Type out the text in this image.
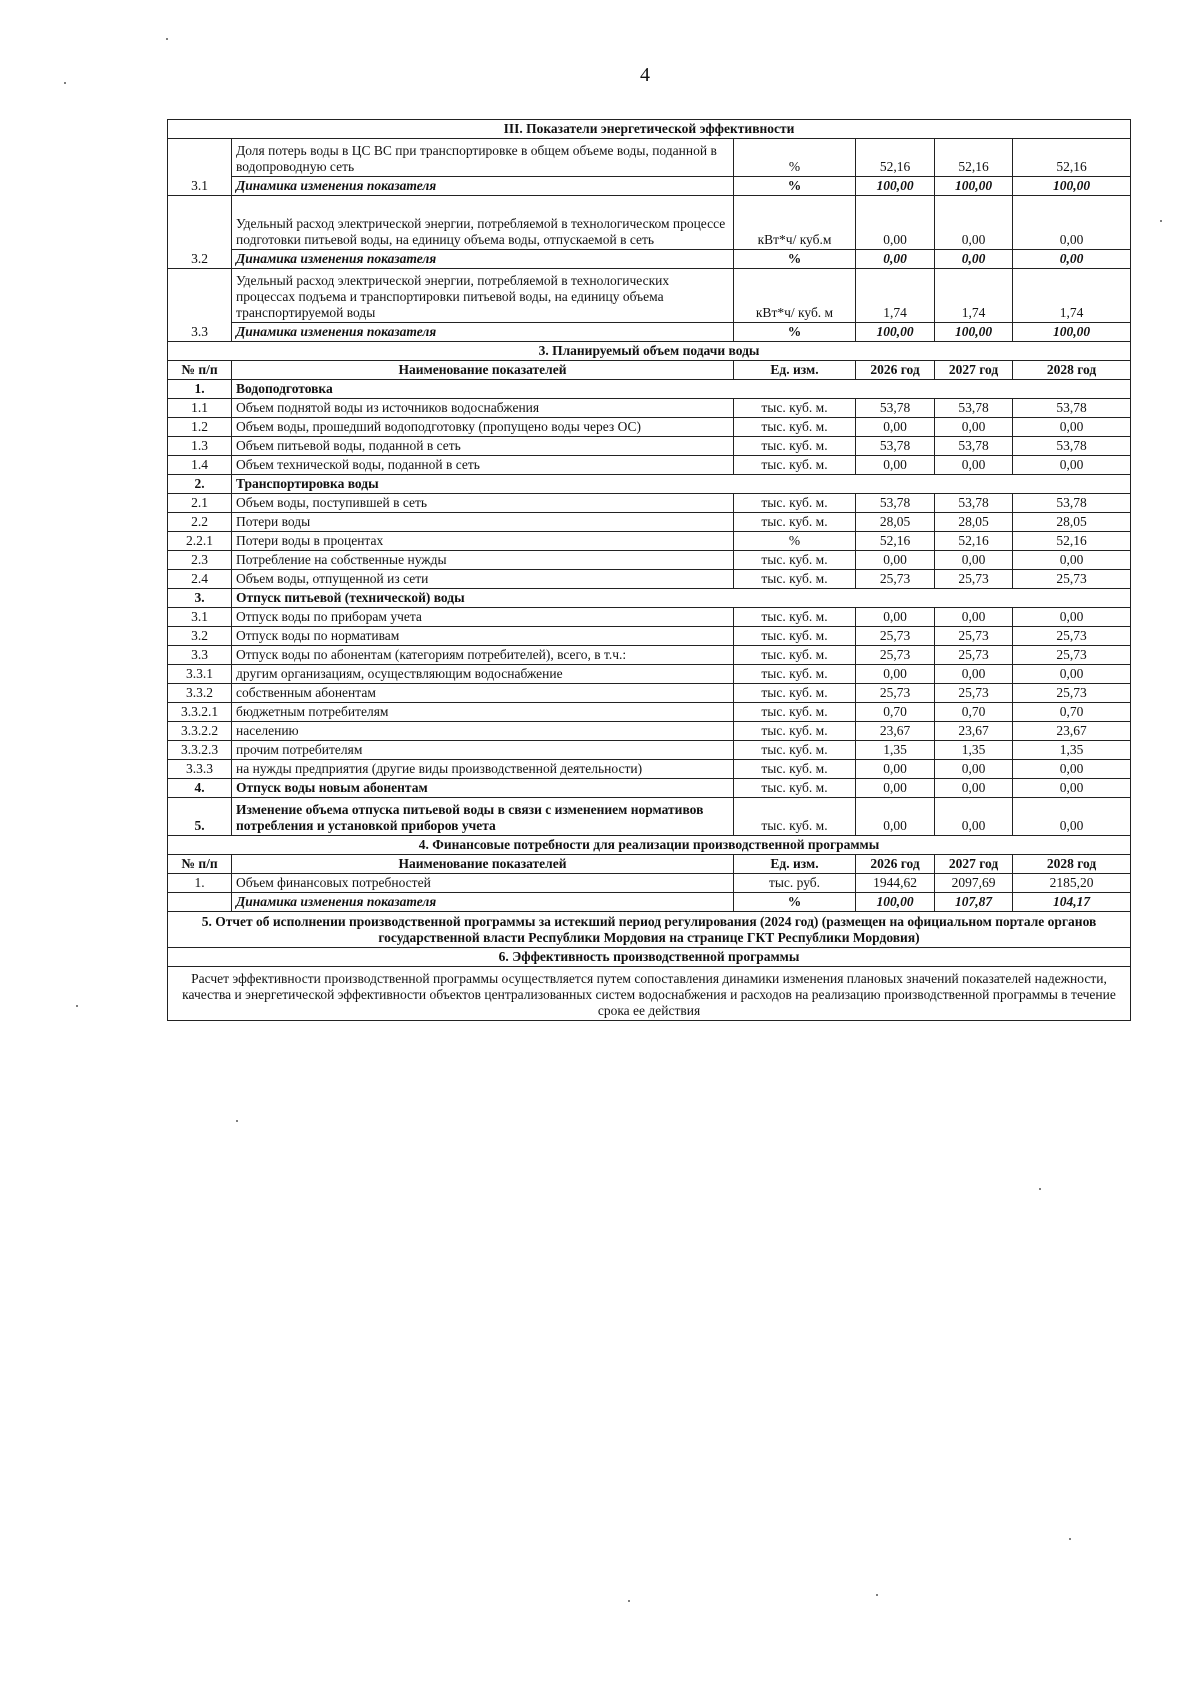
4
III. Показатели энергетической эффективности					
3.1	Доля потерь воды в ЦС ВС при транспортировке в общем объеме воды, поданной в водопроводную сеть	%	52,16	52,16	52,16
	Динамика изменения показателя	%	100,00	100,00	100,00
3.2	Удельный расход электрической энергии, потребляемой в технологическом процессе подготовки питьевой воды, на единицу объема воды, отпускаемой в сеть	кВт*ч/ куб.м	0,00	0,00	0,00
	Динамика изменения показателя	%	0,00	0,00	0,00
3.3	Удельный расход электрической энергии, потребляемой в технологических процессах подъема и транспортировки питьевой воды, на единицу объема транспортируемой воды	кВт*ч/ куб. м	1,74	1,74	1,74
	Динамика изменения показателя	%	100,00	100,00	100,00
3. Планируемый объем подачи воды					
№ п/п	Наименование показателей	Ед. изм.	2026 год	2027 год	2028 год
1.	Водоподготовка				
1.1	Объем поднятой воды из источников водоснабжения	тыс. куб. м.	53,78	53,78	53,78
1.2	Объем воды, прошедший водоподготовку (пропущено воды через ОС)	тыс. куб. м.	0,00	0,00	0,00
1.3	Объем питьевой воды, поданной в сеть	тыс. куб. м.	53,78	53,78	53,78
1.4	Объем технической воды, поданной в сеть	тыс. куб. м.	0,00	0,00	0,00
2.	Транспортировка воды				
2.1	Объем воды, поступившей в сеть	тыс. куб. м.	53,78	53,78	53,78
2.2	Потери воды	тыс. куб. м.	28,05	28,05	28,05
2.2.1	Потери воды в процентах	%	52,16	52,16	52,16
2.3	Потребление на собственные нужды	тыс. куб. м.	0,00	0,00	0,00
2.4	Объем воды, отпущенной из сети	тыс. куб. м.	25,73	25,73	25,73
3.	Отпуск питьевой (технической) воды				
3.1	Отпуск воды по приборам учета	тыс. куб. м.	0,00	0,00	0,00
3.2	Отпуск воды по нормативам	тыс. куб. м.	25,73	25,73	25,73
3.3	Отпуск воды по абонентам (категориям потребителей), всего, в т.ч.:	тыс. куб. м.	25,73	25,73	25,73
3.3.1	другим организациям, осуществляющим водоснабжение	тыс. куб. м.	0,00	0,00	0,00
3.3.2	собственным абонентам	тыс. куб. м.	25,73	25,73	25,73
3.3.2.1	бюджетным потребителям	тыс. куб. м.	0,70	0,70	0,70
3.3.2.2	населению	тыс. куб. м.	23,67	23,67	23,67
3.3.2.3	прочим потребителям	тыс. куб. м.	1,35	1,35	1,35
3.3.3	на нужды предприятия (другие виды производственной деятельности)	тыс. куб. м.	0,00	0,00	0,00
4.	Отпуск воды новым абонентам	тыс. куб. м.	0,00	0,00	0,00
5.	Изменение объема отпуска питьевой воды в связи с изменением нормативов потребления и установкой приборов учета	тыс. куб. м.	0,00	0,00	0,00
4. Финансовые потребности для реализации производственной программы					
№ п/п	Наименование показателей	Ед. изм.	2026 год	2027 год	2028 год
1.	Объем финансовых потребностей	тыс. руб.	1944,62	2097,69	2185,20
	Динамика изменения показателя	%	100,00	107,87	104,17
5. Отчет об исполнении производственной программы за истекший период регулирования (2024 год) (размещен на официальном портале органов государственной власти Республики Мордовия на странице ГКТ Республики Мордовия)					
6. Эффективность производственной программы					
Расчет эффективности производственной программы осуществляется путем сопоставления динамики изменения плановых значений показателей надежности, качества и энергетической эффективности объектов централизованных систем водоснабжения и расходов на реализацию производственной программы в течение срока ее действия					
